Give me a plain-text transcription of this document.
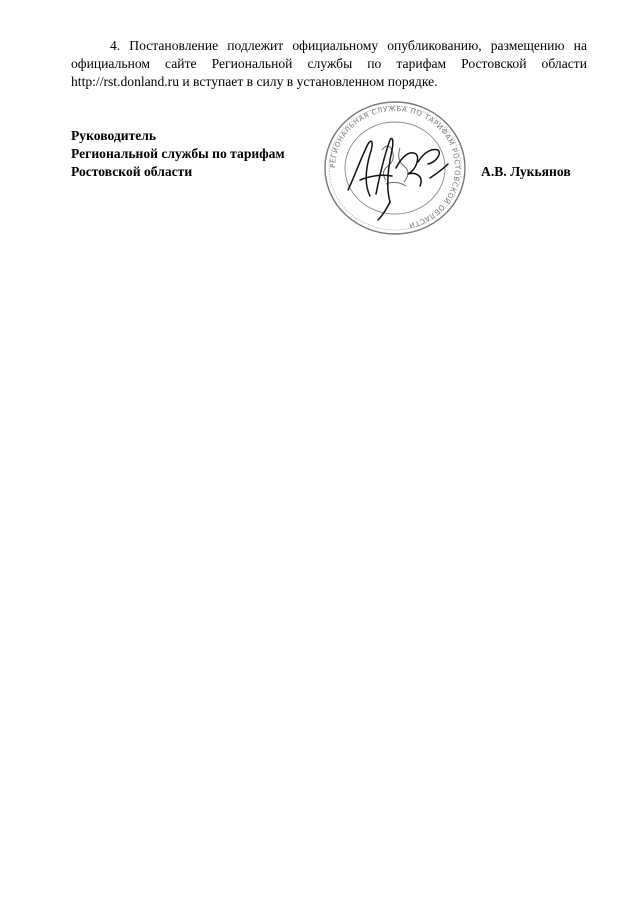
4. Постановление подлежит официальному опубликованию, размещению на официальном сайте Региональной службы по тарифам Ростовской области http://rst.donland.ru и вступает в силу в установленном порядке.

Руководитель
Региональной службы по тарифам
Ростовской области	А.В. Лукьянов
РЕГИОНАЛЬНАЯ СЛУЖБА ПО ТАРИФАМ РОСТОВСКОЙ ОБЛАСТИ
